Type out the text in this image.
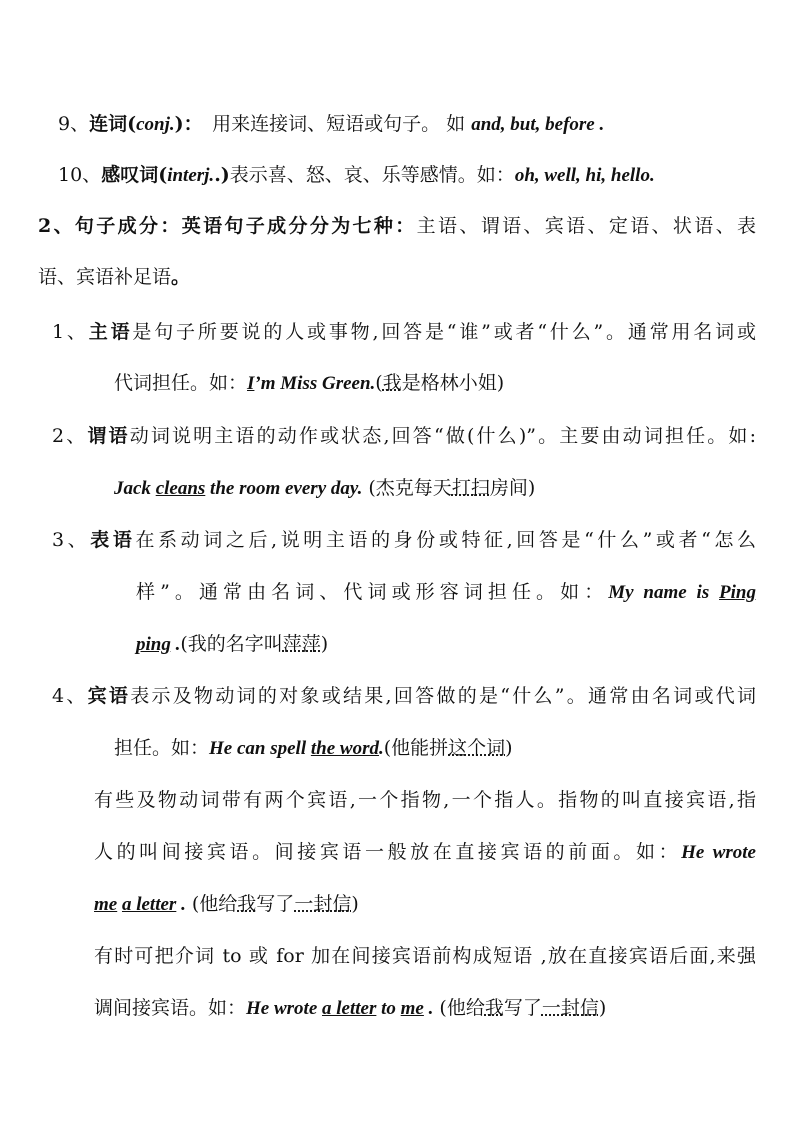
9、连词(conj.)：　用来连接词、短语或句子。 如 and, but, before .
10、感叹词(interj..)表示喜、怒、哀、乐等感情。如：oh, well, hi, hello.
2、句子成分：英语句子成分分为七种：主语、谓语、宾语、定语、状语、表
语、宾语补足语。
1、主语是句子所要说的人或事物,回答是“谁”或者“什么”。通常用名词或
代词担任。如：I’m Miss Green.(我是格林小姐)
2、谓语动词说明主语的动作或状态,回答“做(什么)”。主要由动词担任。如:
Jack cleans the room every day. (杰克每天打扫房间)
3、表语在系动词之后,说明主语的身份或特征,回答是“什么”或者“怎么
样”。通常由名词、代词或形容词担任。如：My name is Ping
ping .(我的名字叫萍萍)
4、宾语表示及物动词的对象或结果,回答做的是“什么”。通常由名词或代词
担任。如：He can spell the word.(他能拼这个词)
有些及物动词带有两个宾语,一个指物,一个指人。指物的叫直接宾语,指
人的叫间接宾语。间接宾语一般放在直接宾语的前面。如：He wrote
me a letter . (他给我写了一封信)
有时可把介词 to 或 for 加在间接宾语前构成短语 ,放在直接宾语后面,来强
调间接宾语。如：He wrote a letter to me . (他给我写了一封信)
